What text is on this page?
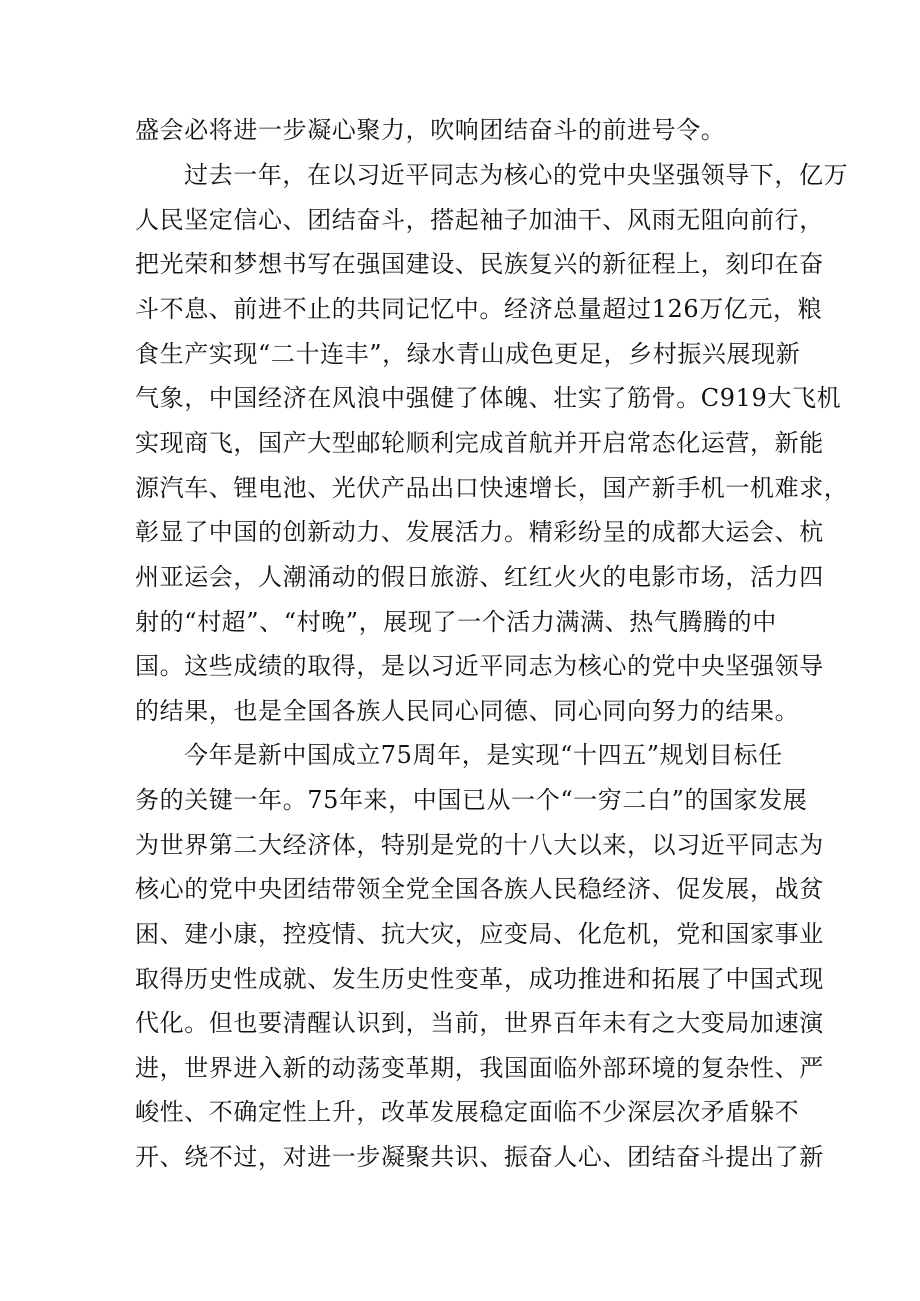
盛会必将进一步凝心聚力，吹响团结奋斗的前进号令。
过去一年，在以习近平同志为核心的党中央坚强领导下，亿万
人民坚定信心、团结奋斗，搭起袖子加油干、风雨无阻向前行，
把光荣和梦想书写在强国建设、民族复兴的新征程上，刻印在奋
斗不息、前进不止的共同记忆中。经济总量超过126万亿元，粮
食生产实现“二十连丰”，绿水青山成色更足，乡村振兴展现新
气象，中国经济在风浪中强健了体魄、壮实了筋骨。C919大飞机
实现商飞，国产大型邮轮顺利完成首航并开启常态化运营，新能
源汽车、锂电池、光伏产品出口快速增长，国产新手机一机难求，
彰显了中国的创新动力、发展活力。精彩纷呈的成都大运会、杭
州亚运会，人潮涌动的假日旅游、红红火火的电影市场，活力四
射的“村超”、“村晚”，展现了一个活力满满、热气腾腾的中
国。这些成绩的取得，是以习近平同志为核心的党中央坚强领导
的结果，也是全国各族人民同心同德、同心同向努力的结果。
今年是新中国成立75周年，是实现“十四五”规划目标任
务的关键一年。75年来，中国已从一个“一穷二白”的国家发展
为世界第二大经济体，特别是党的十八大以来，以习近平同志为
核心的党中央团结带领全党全国各族人民稳经济、促发展，战贫
困、建小康，控疫情、抗大灾，应变局、化危机，党和国家事业
取得历史性成就、发生历史性变革，成功推进和拓展了中国式现
代化。但也要清醒认识到，当前，世界百年未有之大变局加速演
进，世界进入新的动荡变革期，我国面临外部环境的复杂性、严
峻性、不确定性上升，改革发展稳定面临不少深层次矛盾躲不
开、绕不过，对进一步凝聚共识、振奋人心、团结奋斗提出了新
